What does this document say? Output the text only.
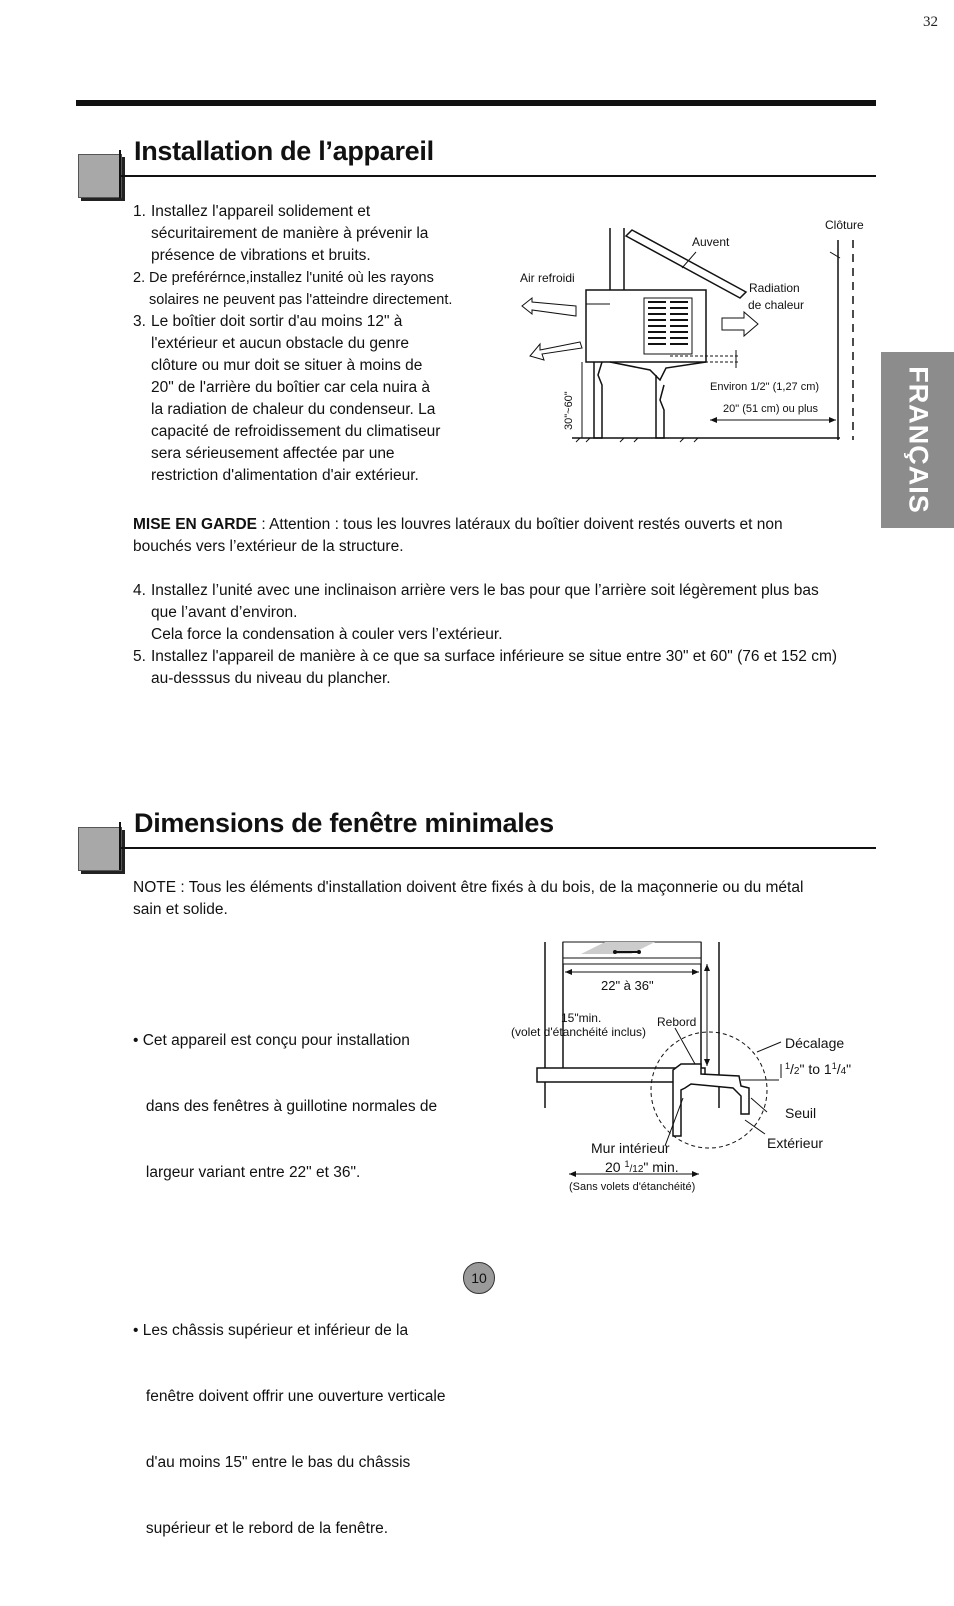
32
Installation de l’appareil
FRANÇAIS
1. Installez l'appareil solidement et
sécuritairement de manière à prévenir la
présence de vibrations et bruits.
2. De preférérnce,installez l'unité où les rayons
solaires ne peuvent pas l'atteindre directement.
3. Le boîtier doit sortir d'au moins 12" à
l'extérieur et aucun obstacle du genre
clôture ou mur doit se situer à moins de
20" de l'arrière du boîtier car cela nuira à
la radiation de chaleur du condenseur. La
capacité de refroidissement du climatiseur
sera sérieusement affectée par une
restriction d'alimentation d'air extérieur.
Auvent
Clôture
Air refroidi
Radiation
de chaleur
Environ 1/2" (1,27 cm)
20" (51 cm) ou plus
30"~60"
MISE EN GARDE : Attention : tous les louvres latéraux du boîtier doivent restés ouverts et non
bouchés vers l’extérieur de la structure.
4. Installez l’unité avec une inclinaison arrière vers le bas pour que l’arrière soit légèrement plus bas
que l’avant d’environ.
Cela force la condensation à couler vers l’extérieur.
5. Installez l'appareil de manière à ce que sa surface inférieure se situe entre 30" et 60" (76 et 152 cm)
au-desssus du niveau du plancher.
Dimensions de fenêtre minimales
NOTE : Tous les éléments d'installation doivent être fixés à du bois, de la maçonnerie ou du métal
sain et solide.

• Cet appareil est conçu pour installation

dans des fenêtres à guillotine normales de

largeur variant entre 22" et 36".

• Les châssis supérieur et inférieur de la

fenêtre doivent offrir une ouverture verticale

d'au moins 15" entre le bas du châssis

supérieur et le rebord de la fenêtre.

22" à 36"
15"min.
(volet d'étanchéité inclus)
Rebord
Décalage
$^1$/2" to $1^1/4$"
Seuil
Extérieur
Mur intérieur
20 $^1_{/12}$" min.
(Sans volets d'étanchéité)
10
